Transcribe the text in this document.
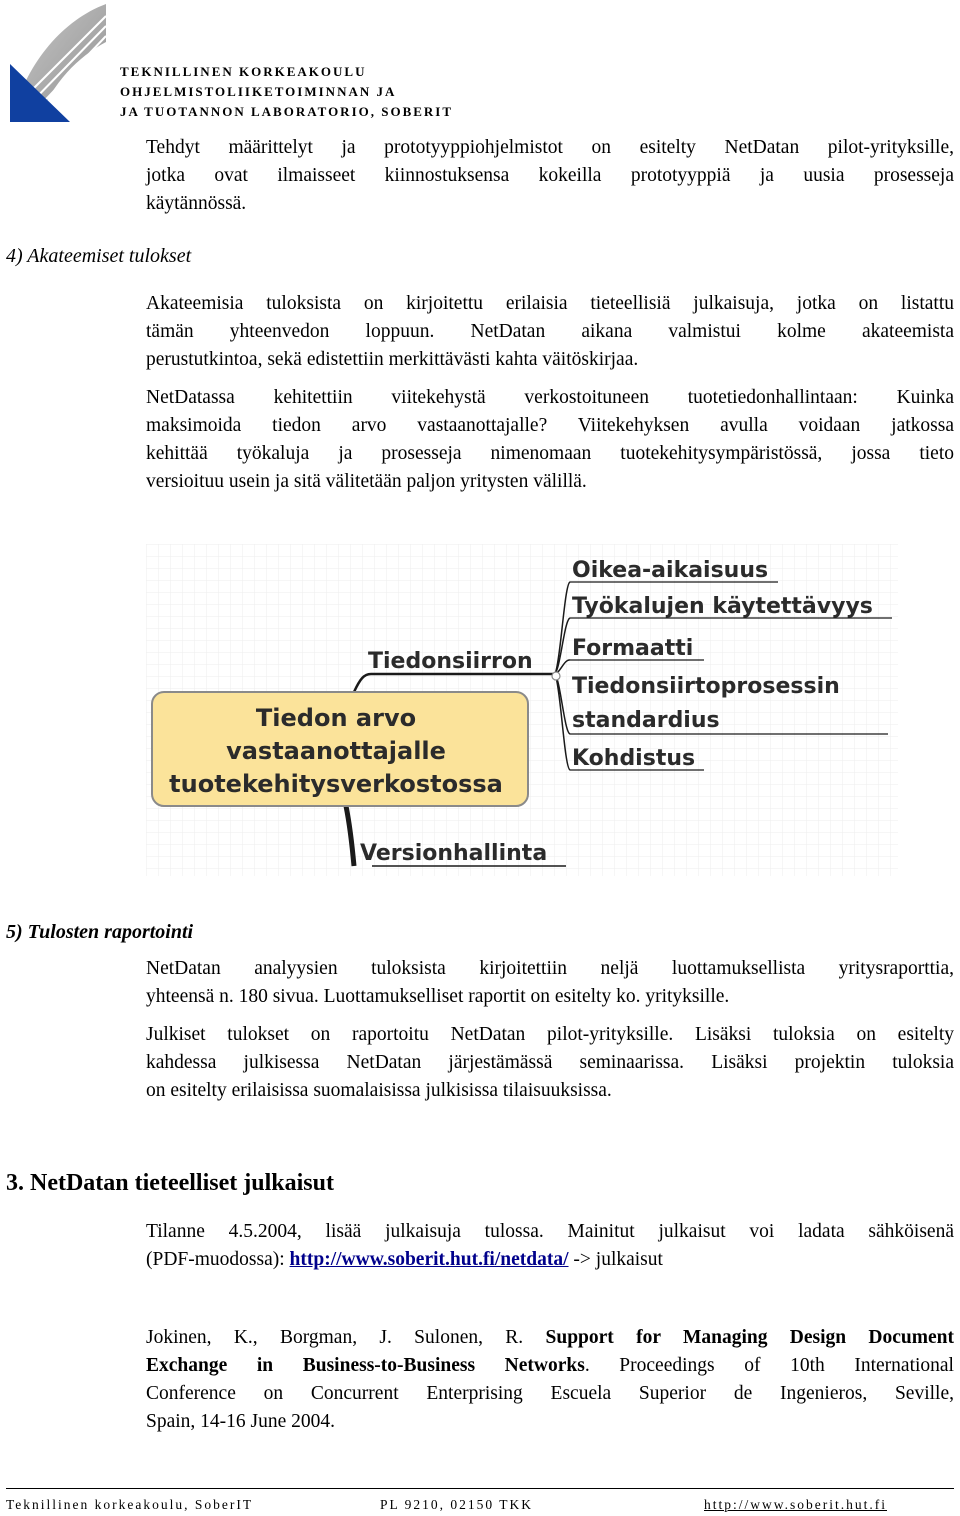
TEKNILLINEN KORKEAKOULU
OHJELMISTOLIIKETOIMINNAN JA
JA TUOTANNON LABORATORIO, SOBERIT
Tehdyt määrittelyt ja prototyyppiohjelmistot on esitelty NetDatan pilot-yrityksille,
jotka ovat ilmaisseet kiinnostuksensa kokeilla prototyyppiä ja uusia prosesseja
käytännössä.
4) Akateemiset tulokset
Akateemisia tuloksista on kirjoitettu erilaisia tieteellisiä julkaisuja, jotka on listattu
tämän yhteenvedon loppuun. NetDatan aikana valmistui kolme akateemista
perustutkintoa, sekä edistettiin merkittävästi kahta väitöskirjaa.
NetDatassa kehitettiin viitekehystä verkostoituneen tuotetiedonhallintaan: Kuinka
maksimoida tiedon arvo vastaanottajalle? Viitekehyksen avulla voidaan jatkossa
kehittää työkaluja ja prosesseja nimenomaan tuotekehitysympäristössä, jossa tieto
versioituu usein ja sitä välitetään paljon yritysten välillä.
Tiedon arvo
vastaanottajalle
tuotekehitysverkostossa
Tiedonsiirron
Versionhallinta
Oikea-aikaisuus
Työkalujen käytettävyys
Formaatti
Tiedonsiirtoprosessin
standardius
Kohdistus
5) Tulosten raportointi
NetDatan analyysien tuloksista kirjoitettiin neljä luottamuksellista yritysraporttia,
yhteensä n. 180 sivua. Luottamukselliset raportit on esitelty ko. yrityksille.
Julkiset tulokset on raportoitu NetDatan pilot-yrityksille. Lisäksi tuloksia on esitelty
kahdessa julkisessa NetDatan järjestämässä seminaarissa. Lisäksi projektin tuloksia
on esitelty erilaisissa suomalaisissa julkisissa tilaisuuksissa.
3. NetDatan tieteelliset julkaisut
Tilanne 4.5.2004, lisää julkaisuja tulossa. Mainitut julkaisut voi ladata sähköisenä
(PDF-muodossa): http://www.soberit.hut.fi/netdata/ -> julkaisut
Jokinen, K., Borgman, J. Sulonen, R. Support for Managing Design Document
Exchange in Business-to-Business Networks. Proceedings of 10th International
Conference on Concurrent Enterprising Escuela Superior de Ingenieros, Seville,
Spain, 14-16 June 2004.
Teknillinen korkeakoulu, SoberIT	PL 9210, 02150 TKK	http://www.soberit.hut.fi
